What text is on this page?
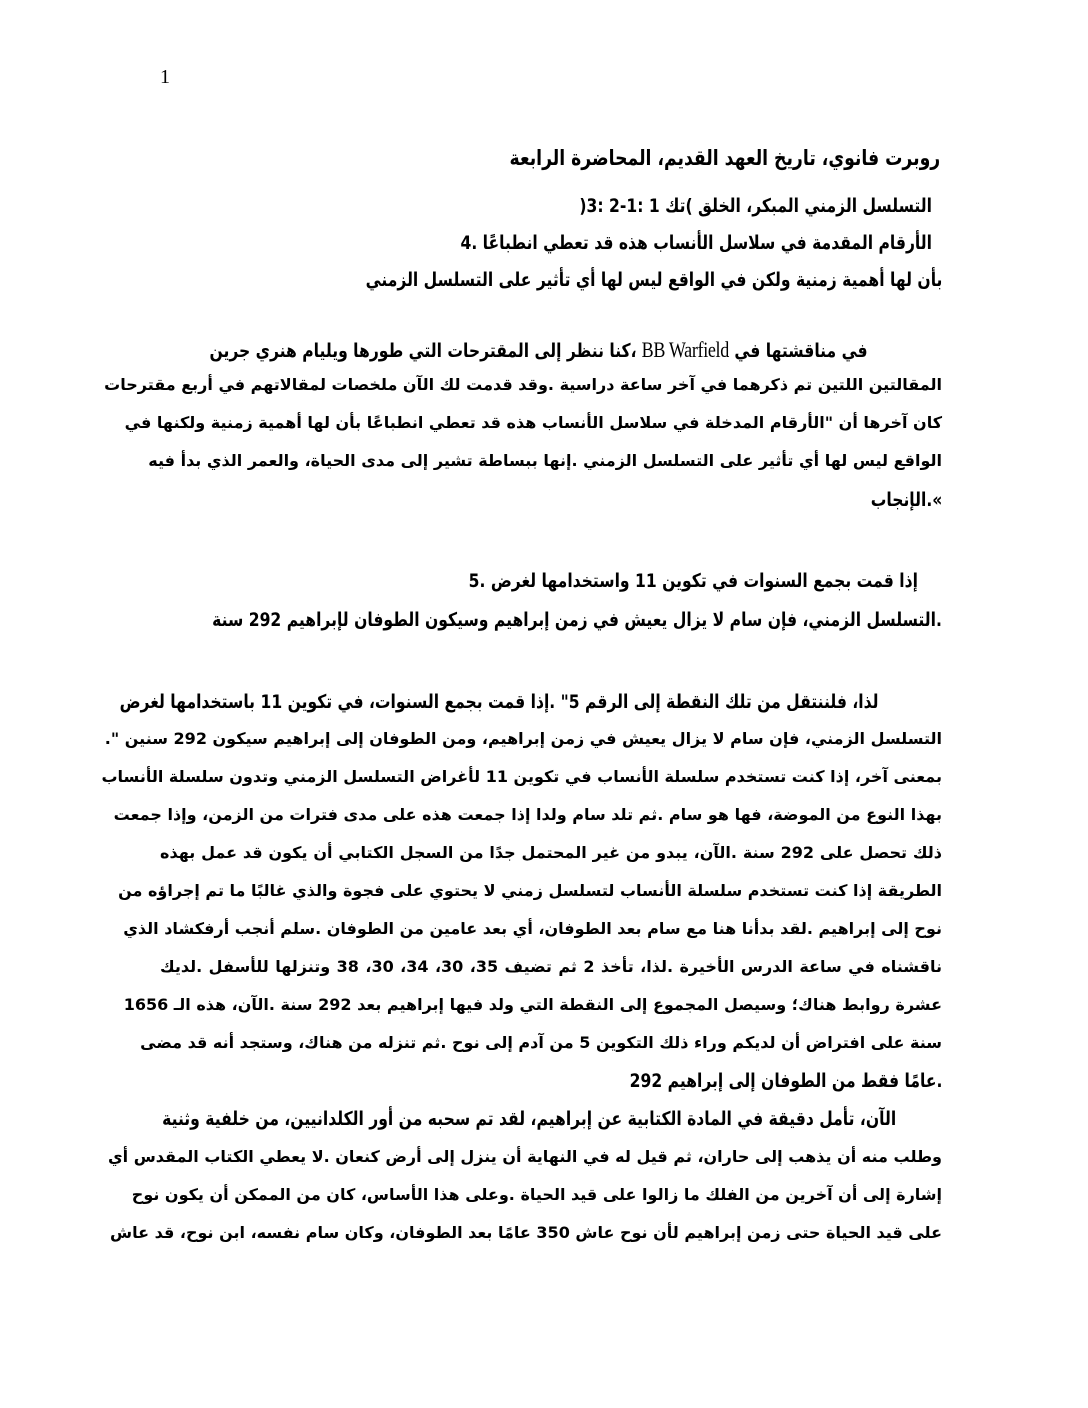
1
روبرت فانوي، تاريخ العهد القديم، المحاضرة الرابعة
التسلسل الزمني المبكر، الخلق )تك 1 :1-2 :3(
الأرقام المقدمة في سلاسل الأنساب هذه قد تعطي انطباعًا .4
بأن لها أهمية زمنية ولكن في الواقع ليس لها أي تأثير على التسلسل الزمني
في مناقشتها في BB Warfield ،كنا ننظر إلى المقترحات التي طورها ويليام هنري جرين
المقالتين اللتين تم ذكرهما في آخر ساعة دراسية .وقد قدمت لك الآن ملخصات لمقالاتهم في أربع مقترحات
كان آخرها أن "الأرقام المدخلة في سلاسل الأنساب هذه قد تعطي انطباعًا بأن لها أهمية زمنية ولكنها في
الواقع ليس لها أي تأثير على التسلسل الزمني .إنها ببساطة تشير إلى مدى الحياة، والعمر الذي بدأ فيه
».الإنجاب
إذا قمت بجمع السنوات في تكوين 11 واستخدامها لغرض .5
.التسلسل الزمني، فإن سام لا يزال يعيش في زمن إبراهيم وسيكون الطوفان لإبراهيم 292 سنة
لذا، فلننتقل من تلك النقطة إلى الرقم 5" .إذا قمت بجمع السنوات، في تكوين 11 باستخدامها لغرض
التسلسل الزمني، فإن سام لا يزال يعيش في زمن إبراهيم، ومن الطوفان إلى إبراهيم سيكون 292 سنين ".
بمعنى آخر، إذا كنت تستخدم سلسلة الأنساب في تكوين 11 لأغراض التسلسل الزمني وتدون سلسلة الأنساب
بهذا النوع من الموضة، فها هو سام .ثم تلد سام ولدا إذا جمعت هذه على مدى فترات من الزمن، وإذا جمعت
ذلك تحصل على 292 سنة .الآن، يبدو من غير المحتمل جدًا من السجل الكتابي أن يكون قد عمل بهذه
الطريقة إذا كنت تستخدم سلسلة الأنساب لتسلسل زمني لا يحتوي على فجوة والذي غالبًا ما تم إجراؤه من
نوح إلى إبراهيم .لقد بدأنا هنا مع سام بعد الطوفان، أي بعد عامين من الطوفان .سلم أنجب أرفكشاد الذي
ناقشناه في ساعة الدرس الأخيرة .لذا، تأخذ 2 ثم تضيف 35، 30، 34، 30، 38 وتنزلها للأسفل .لديك
عشرة روابط هناك؛ وسيصل المجموع إلى النقطة التي ولد فيها إبراهيم بعد 292 سنة .الآن، هذه الـ 1656
سنة على افتراض أن لديكم وراء ذلك التكوين 5 من آدم إلى نوح .ثم تنزله من هناك، وستجد أنه قد مضى
.عامًا فقط من الطوفان إلى إبراهيم 292
الآن، تأمل دقيقة في المادة الكتابية عن إبراهيم، لقد تم سحبه من أور الكلدانيين، من خلفية وثنية
وطلب منه أن يذهب إلى حاران، ثم قيل له في النهاية أن ينزل إلى أرض كنعان .لا يعطي الكتاب المقدس أي
إشارة إلى أن آخرين من الفلك ما زالوا على قيد الحياة .وعلى هذا الأساس، كان من الممكن أن يكون نوح
على قيد الحياة حتى زمن إبراهيم لأن نوح عاش 350 عامًا بعد الطوفان، وكان سام نفسه، ابن نوح، قد عاش
